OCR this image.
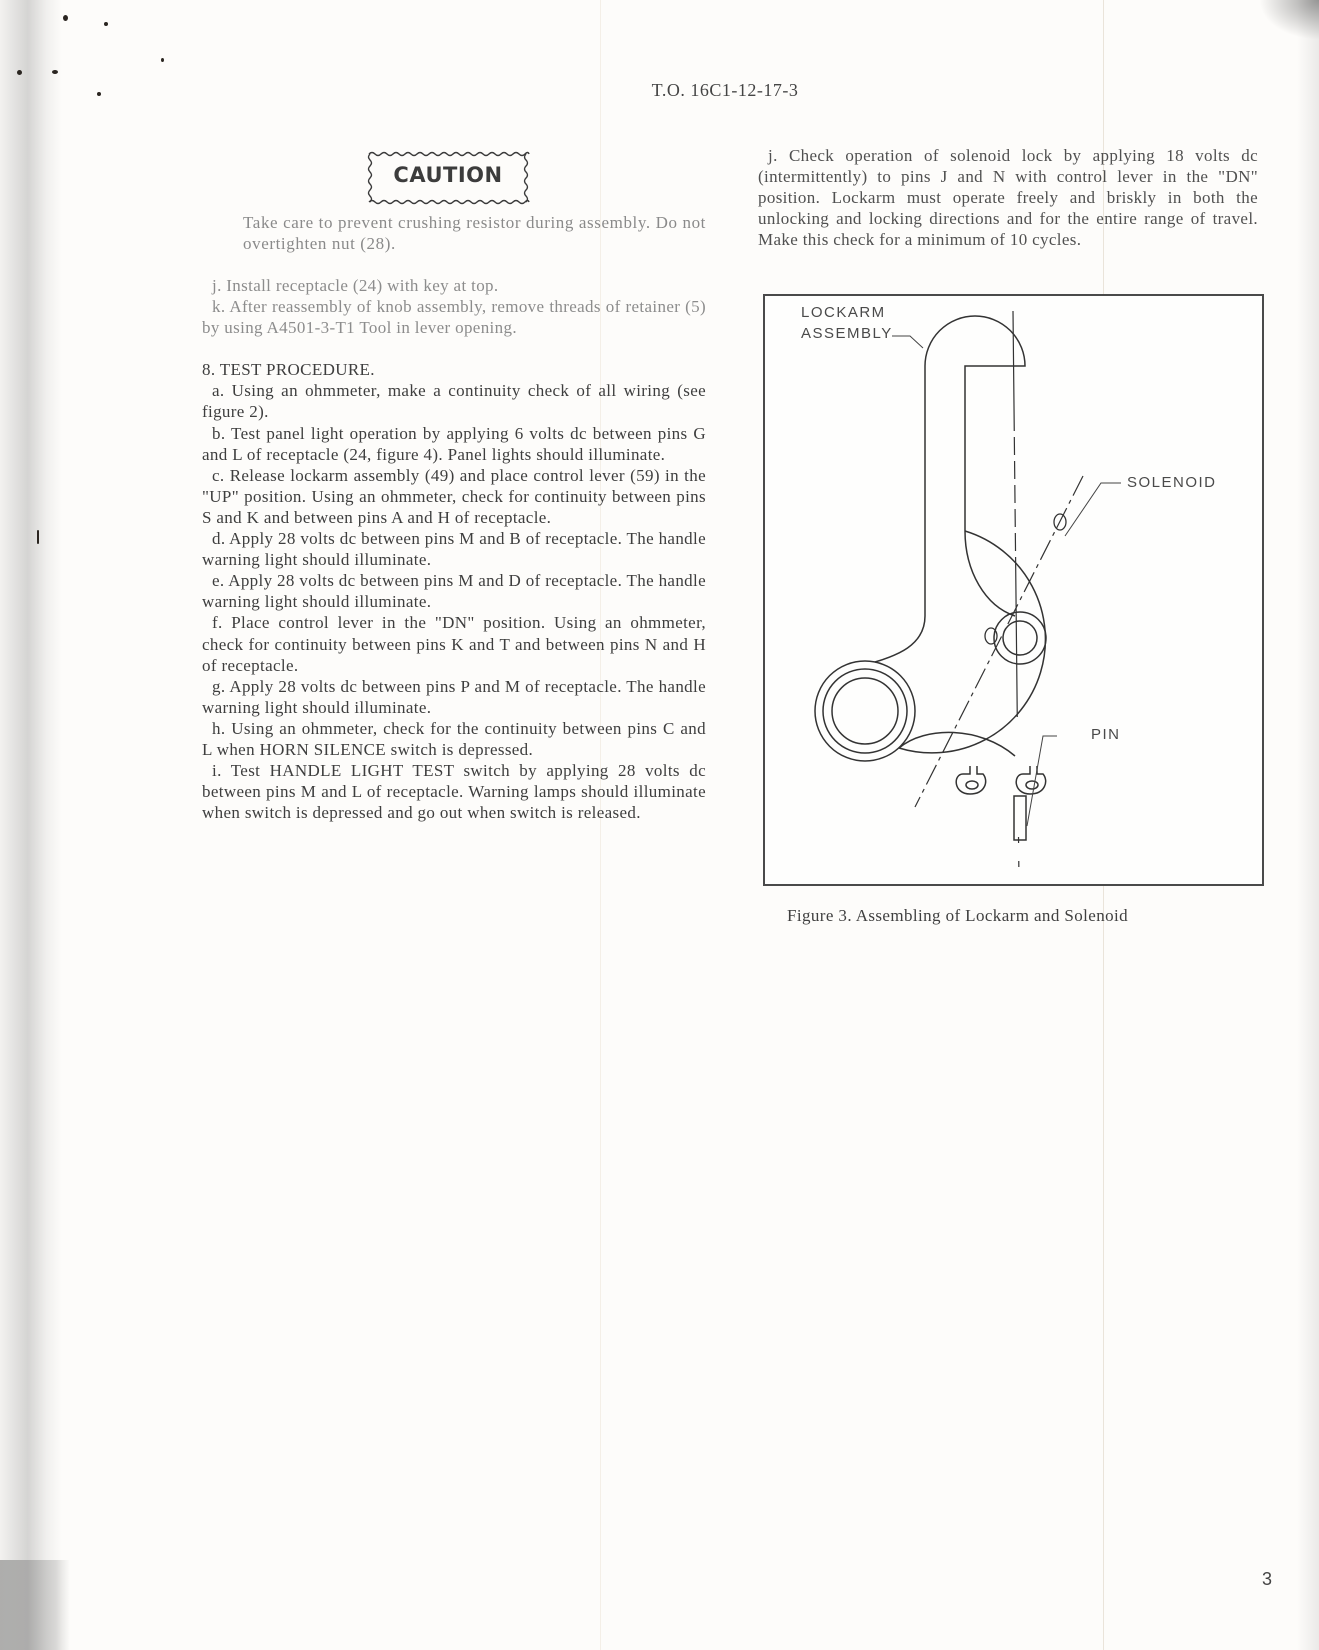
T.O. 16C1-12-17-3
CAUTION
Take care to prevent crushing resistor during assembly. Do not overtighten nut (28).
j. Install receptacle (24) with key at top.
k. After reassembly of knob assembly, remove threads of retainer (5) by using A4501-3-T1 Tool in lever opening.
8. TEST PROCEDURE.
a. Using an ohmmeter, make a continuity check of all wiring (see figure 2).
b. Test panel light operation by applying 6 volts dc between pins G and L of receptacle (24, figure 4). Panel lights should illuminate.
c. Release lockarm assembly (49) and place control lever (59) in the "UP" position. Using an ohmmeter, check for continuity between pins S and K and between pins A and H of receptacle.
d. Apply 28 volts dc between pins M and B of receptacle. The handle warning light should illuminate.
e. Apply 28 volts dc between pins M and D of receptacle. The handle warning light should illuminate.
f. Place control lever in the "DN" position. Using an ohmmeter, check for continuity between pins K and T and between pins N and H of receptacle.
g. Apply 28 volts dc between pins P and M of receptacle. The handle warning light should illuminate.
h. Using an ohmmeter, check for the continuity between pins C and L when HORN SILENCE switch is depressed.
i. Test HANDLE LIGHT TEST switch by applying 28 volts dc between pins M and L of receptacle. Warning lamps should illuminate when switch is depressed and go out when switch is released.
j. Check operation of solenoid lock by applying 18 volts dc (intermittently) to pins J and N with control lever in the "DN" position. Lockarm must operate freely and briskly in both the unlocking and locking directions and for the entire range of travel. Make this check for a minimum of 10 cycles.
LOCKARM
ASSEMBLY
SOLENOID
PIN
Figure 3. Assembling of Lockarm and Solenoid
3
